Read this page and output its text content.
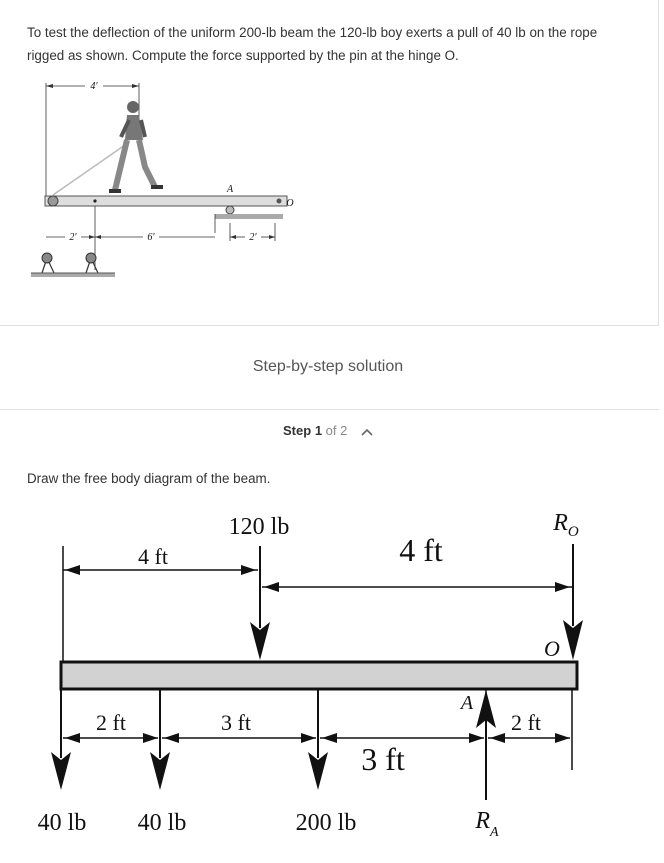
To test the deflection of the uniform 200-lb beam the 120-lb boy exerts a pull of 40 lb on the rope rigged as shown. Compute the force supported by the pin at the hinge O.
4′
A
O
2′	6′	2′
Step-by-step solution
Step 1 of 2
Draw the free body diagram of the beam.
120 lb	$R_O$
4 ft	4 ft
O
A
2 ft	3 ft
3 ft
2 ft
40 lb 40 lb	200 lb	$R_A$
